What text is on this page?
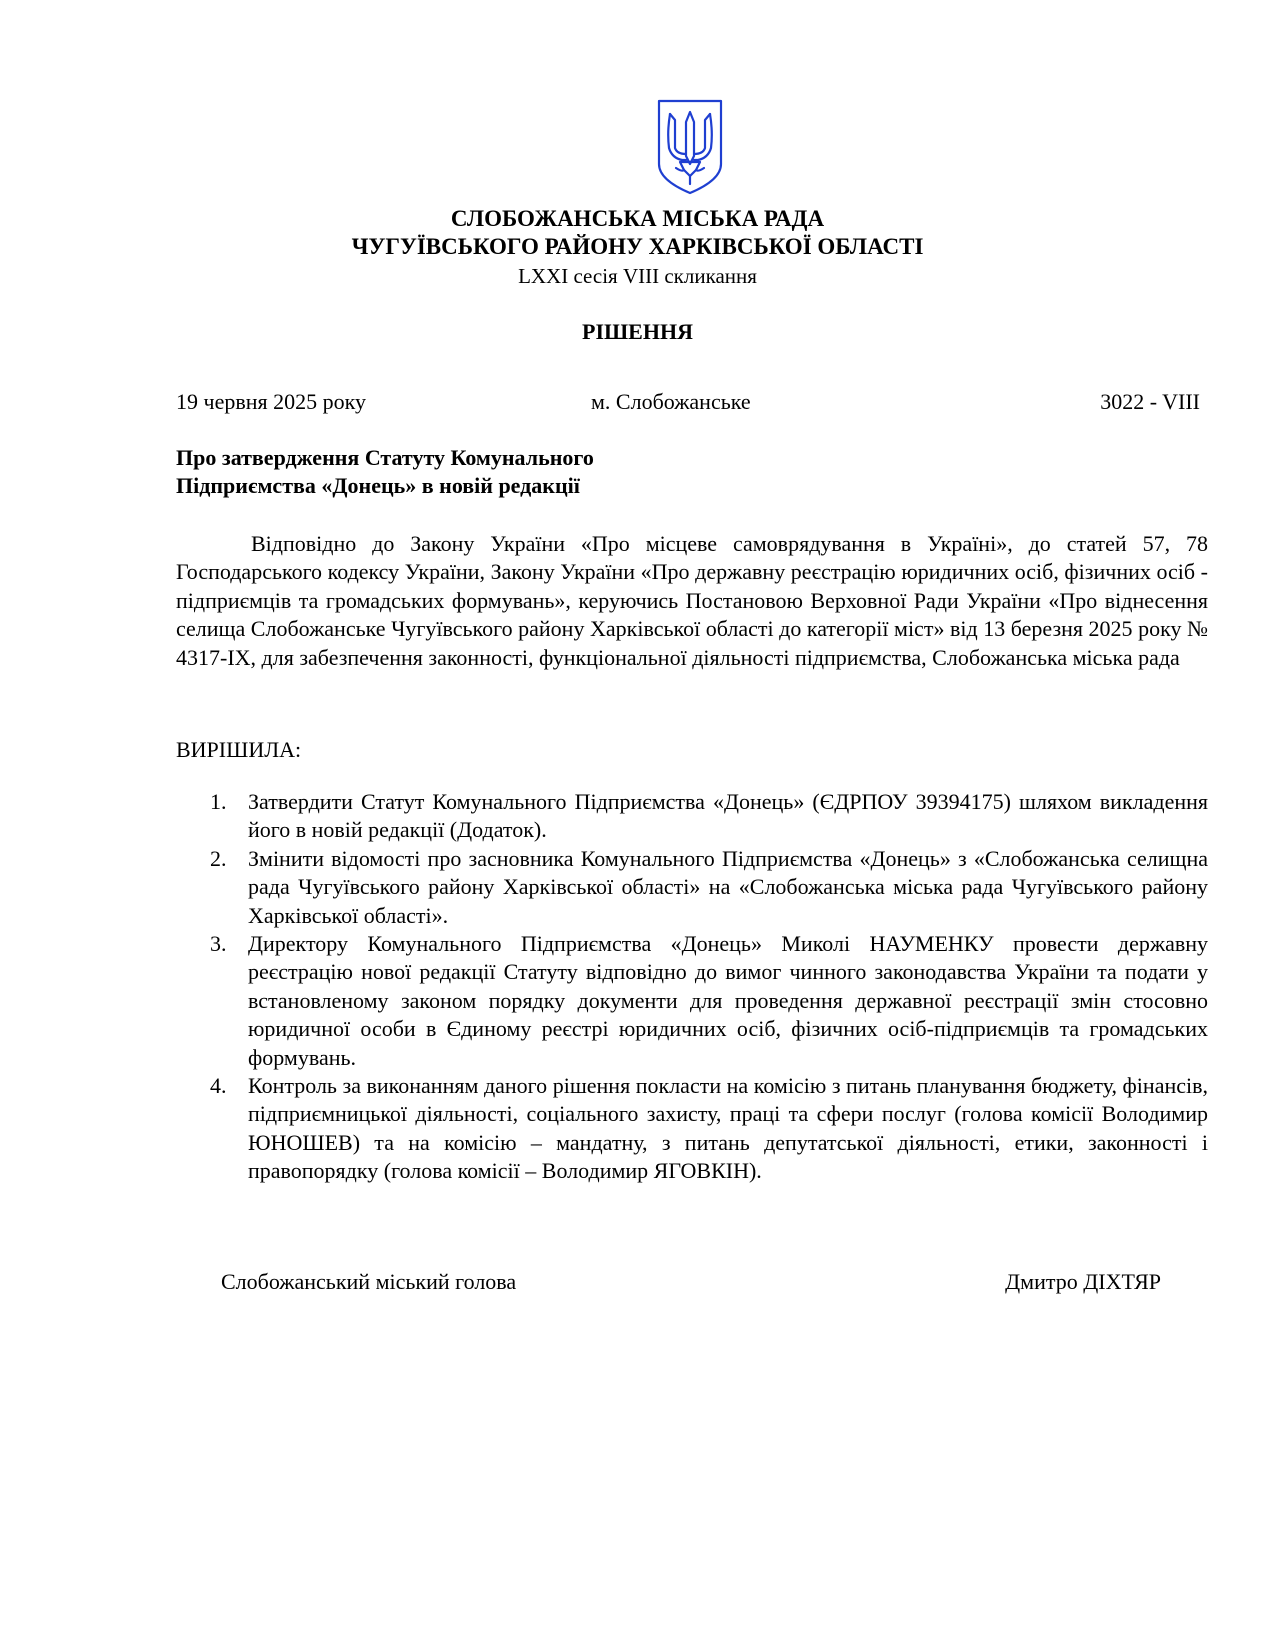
СЛОБОЖАНСЬКА МІСЬКА РАДА
ЧУГУЇВСЬКОГО РАЙОНУ ХАРКІВСЬКОЇ ОБЛАСТІ
LXXI сесія VIII скликання
РІШЕННЯ
19 червня 2025 року	м. Слобожанське	3022 - VIII
Про затвердження Статуту Комунального
Підприємства «Донець» в новій редакції
Відповідно до Закону України «Про місцеве самоврядування в Україні», до статей 57, 78 Господарського кодексу України, Закону України «Про державну реєстрацію юридичних осіб, фізичних осіб - підприємців та громадських формувань», керуючись Постановою Верховної Ради України «Про віднесення селища Слобожанське Чугуївського району Харківської області до категорії міст» від 13 березня 2025 року № 4317-IX, для забезпечення законності, функціональної діяльності підприємства, Слобожанська міська рада
ВИРІШИЛА:
1. Затвердити Статут Комунального Підприємства «Донець» (ЄДРПОУ 39394175) шляхом викладення його в новій редакції (Додаток).
2. Змінити відомості про засновника Комунального Підприємства «Донець» з «Слобожанська селищна рада Чугуївського району Харківської області» на «Слобожанська міська рада Чугуївського району Харківської області».
3. Директору Комунального Підприємства «Донець» Миколі НАУМЕНКУ провести державну реєстрацію нової редакції Статуту відповідно до вимог чинного законодавства України та подати у встановленому законом порядку документи для проведення державної реєстрації змін стосовно юридичної особи в Єдиному реєстрі юридичних осіб, фізичних осіб-підприємців та громадських формувань.
4. Контроль за виконанням даного рішення покласти на комісію з питань планування бюджету, фінансів, підприємницької діяльності, соціального захисту, праці та сфери послуг (голова комісії Володимир ЮНОШЕВ) та на комісію – мандатну, з питань депутатської діяльності, етики, законності і правопорядку (голова комісії – Володимир ЯГОВКІН).
Слобожанський міський голова	Дмитро ДІХТЯР
